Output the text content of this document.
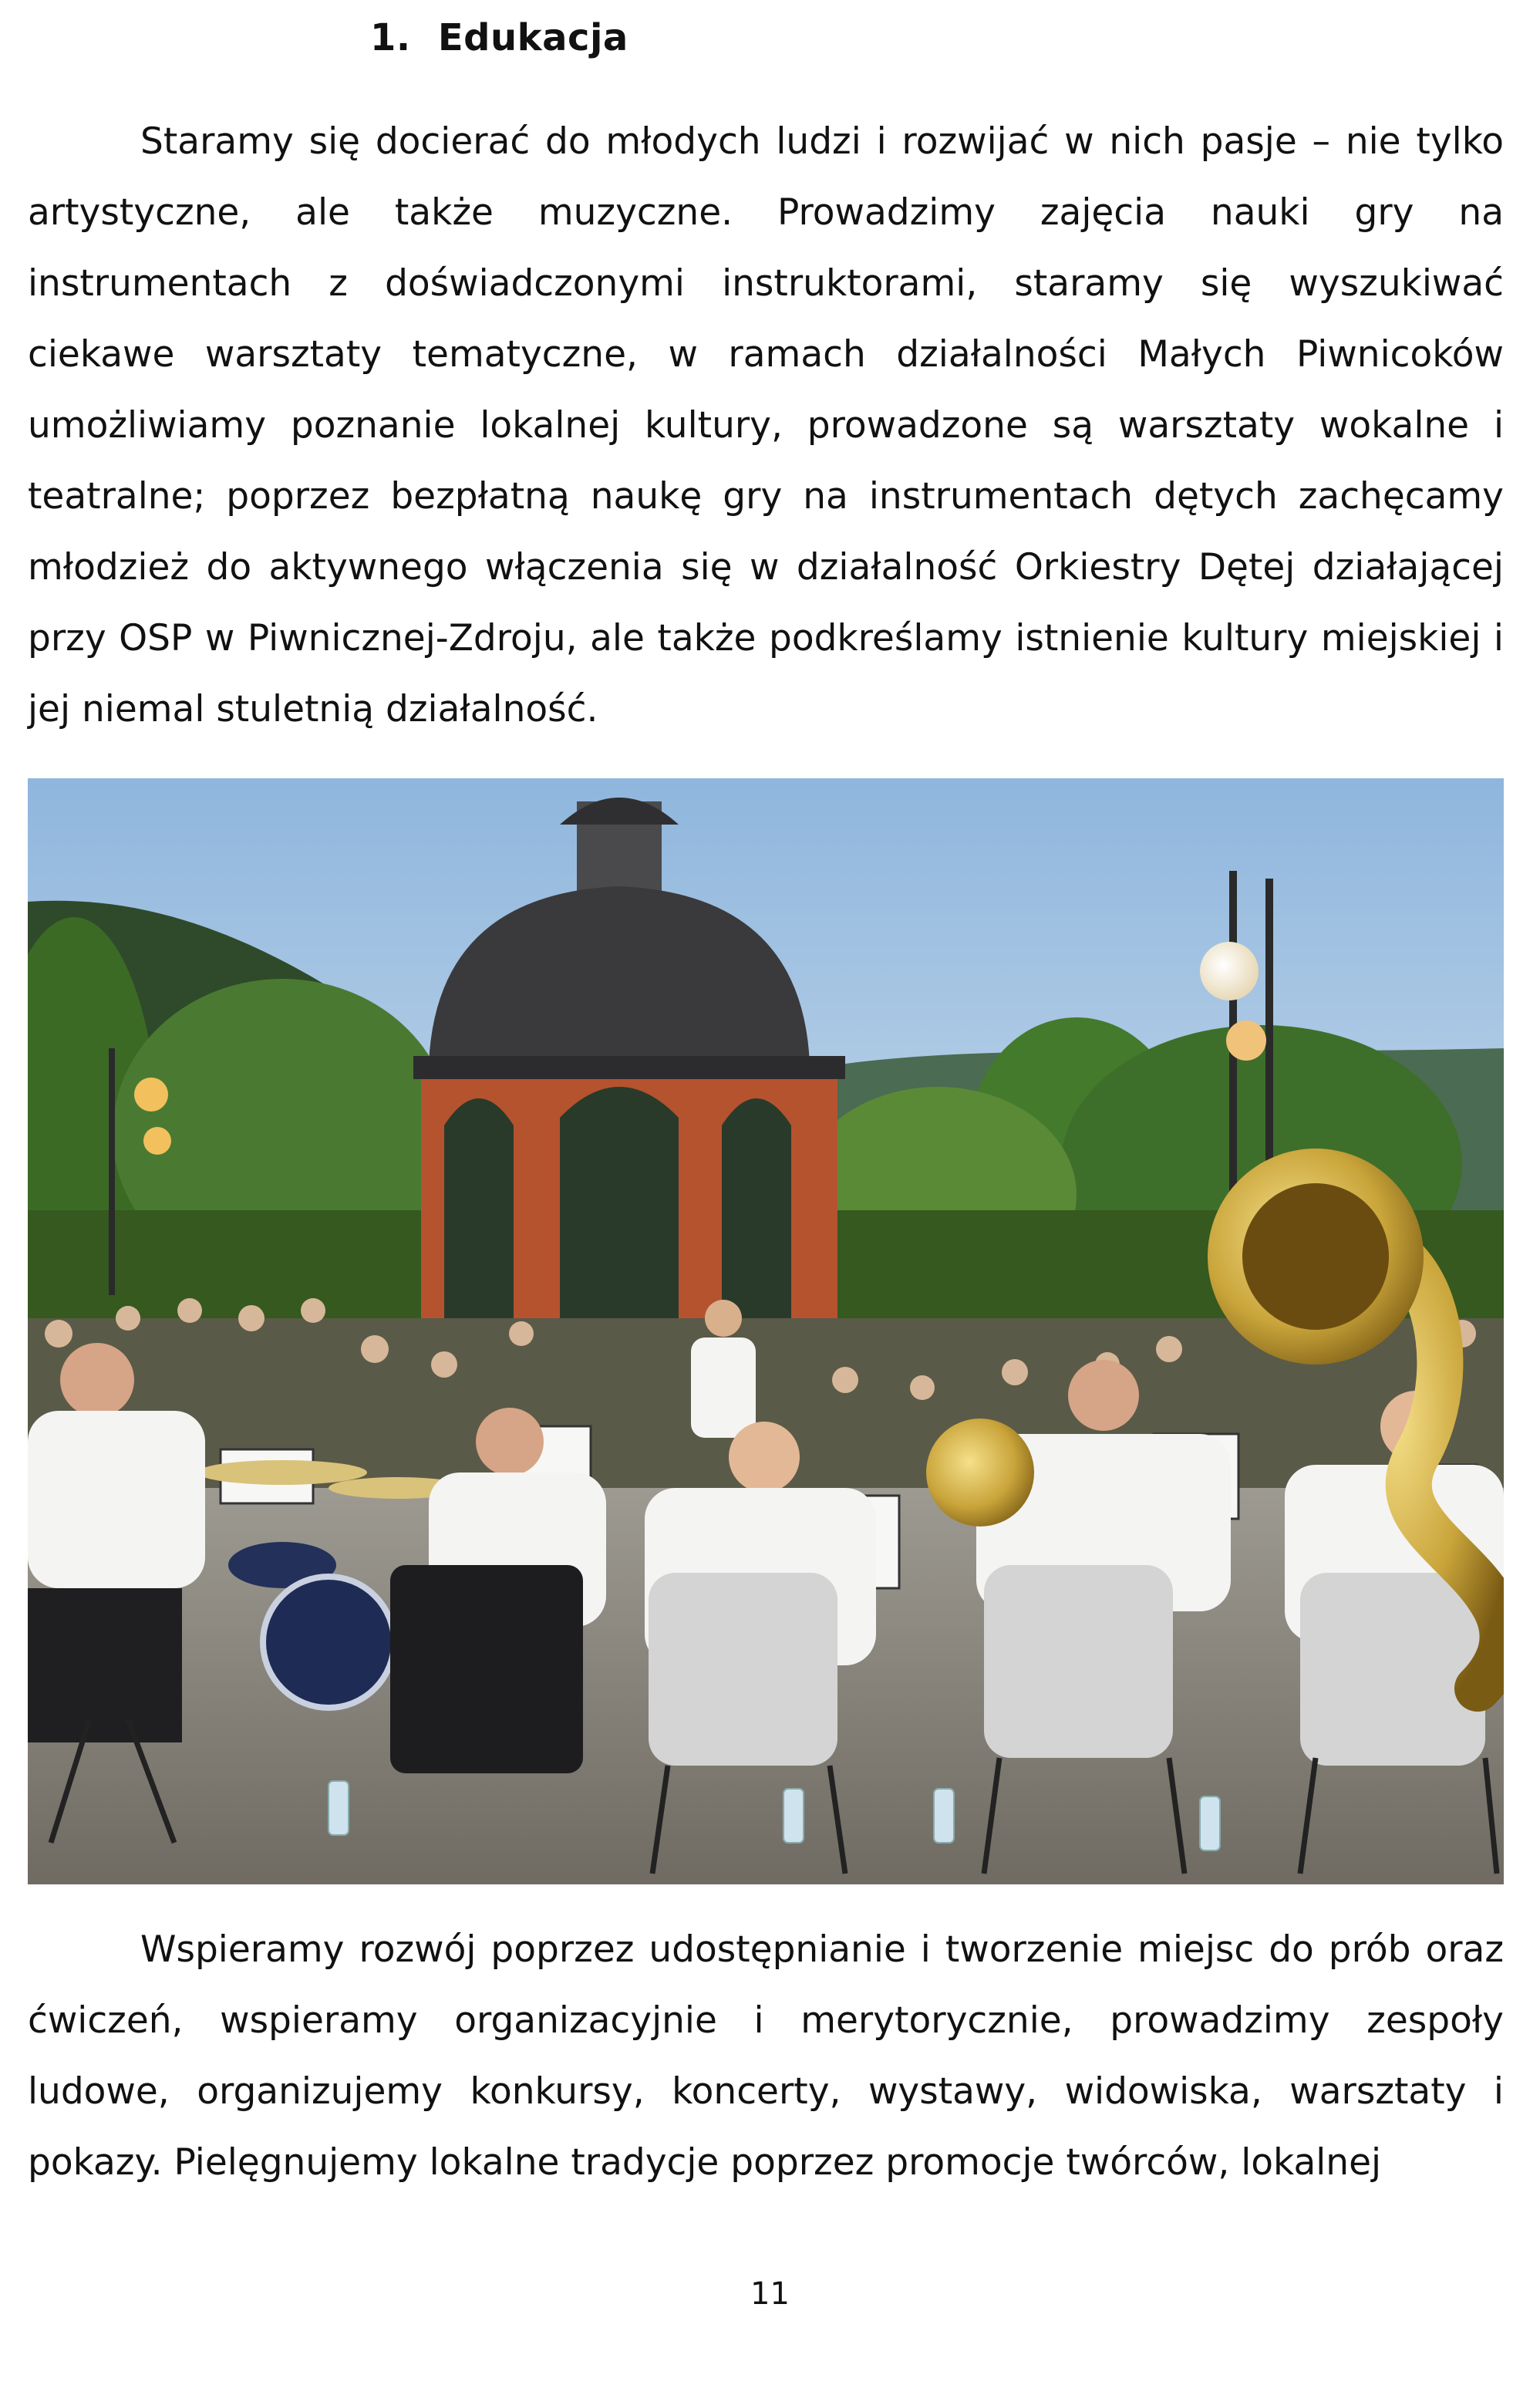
1. Edukacja

Staramy się docierać do młodych ludzi i rozwijać w nich pasje – nie tylko artystyczne, ale także muzyczne. Prowadzimy zajęcia nauki gry na instrumentach z doświadczonymi instruktorami, staramy się wyszukiwać ciekawe warsztaty tematyczne, w ramach działalności Małych Piwnicoków umożliwiamy poznanie lokalnej kultury, prowadzone są warsztaty wokalne i teatralne; poprzez bezpłatną naukę gry na instrumentach dętych zachęcamy młodzież do aktywnego włączenia się w działalność Orkiestry Dętej działającej przy OSP w Piwnicznej-Zdroju, ale także podkreślamy istnienie kultury miejskiej i jej niemal stuletnią działalność.

Wspieramy rozwój poprzez udostępnianie i tworzenie miejsc do prób oraz ćwiczeń, wspieramy organizacyjnie i merytorycznie, prowadzimy zespoły ludowe, organizujemy konkursy, koncerty, wystawy, widowiska, warsztaty i pokazy. Pielęgnujemy lokalne tradycje poprzez promocje twórców, lokalnej

11
